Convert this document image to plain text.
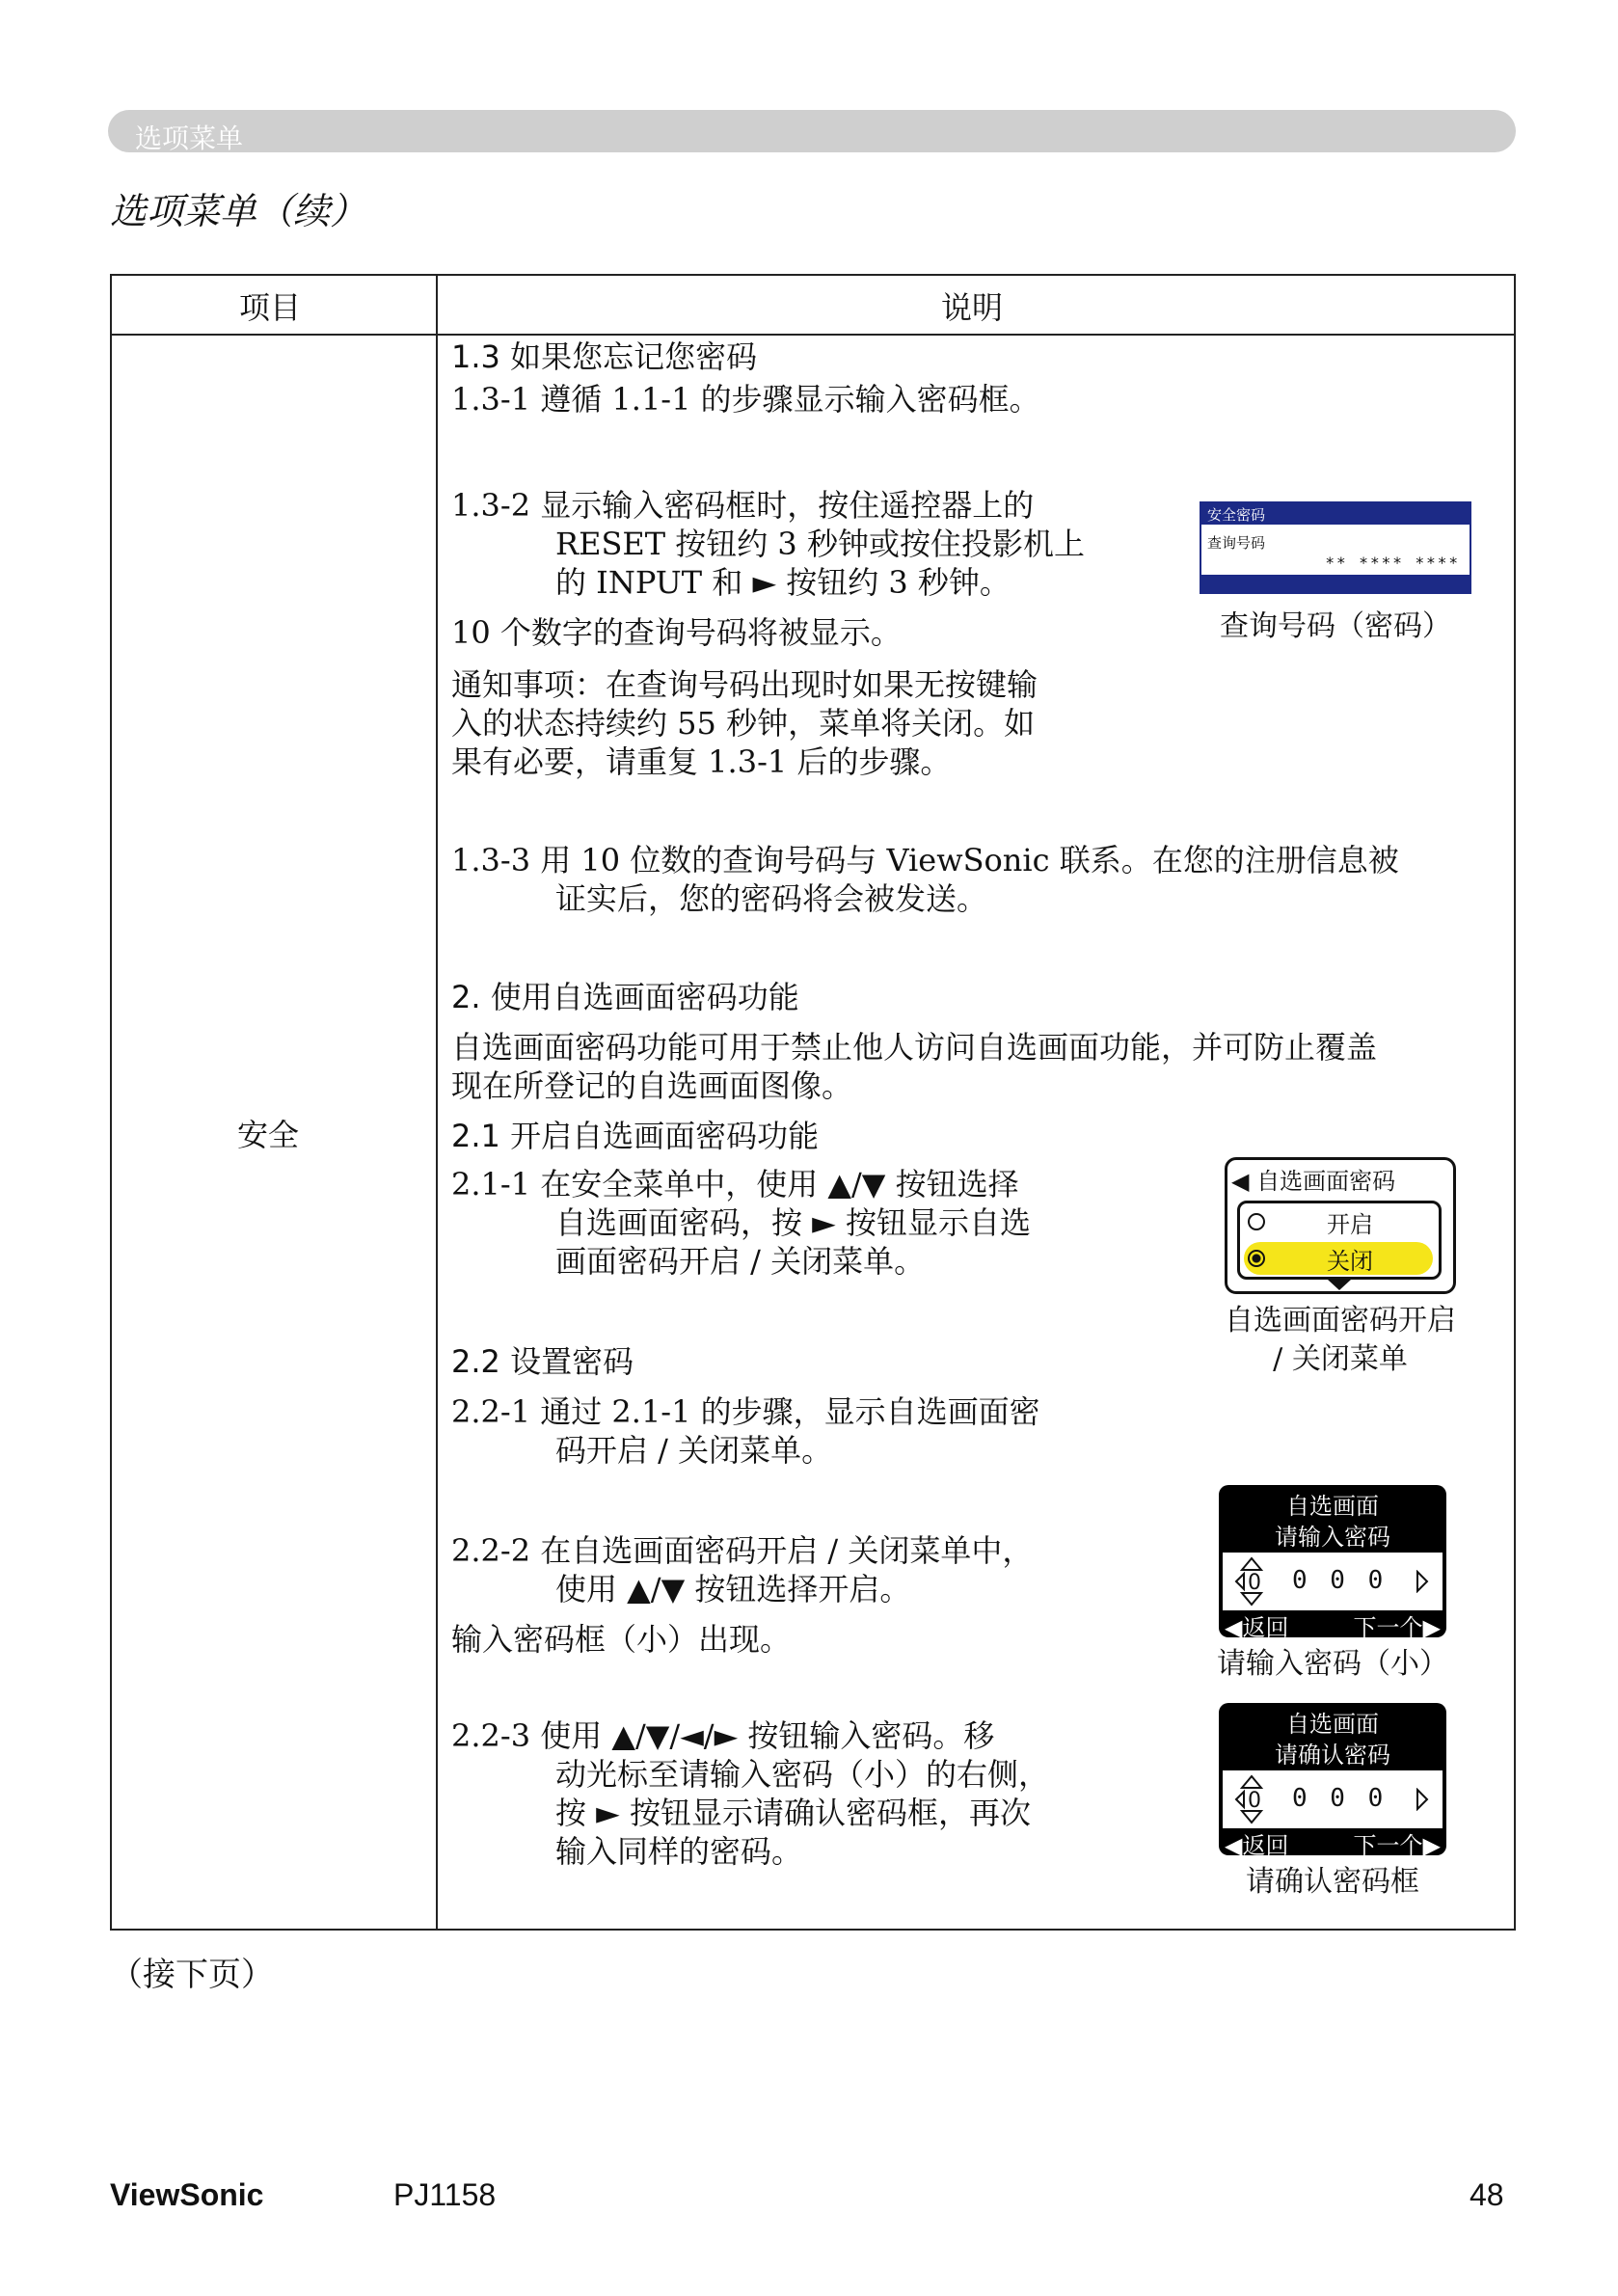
选项菜单
选项菜单（续）
项目	说明
安全
1.3 如果您忘记您密码
1.3-1 遵循 1.1-1 的步骤显示输入密码框。
1.3-2 显示输入密码框时，按住遥控器上的
RESET 按钮约 3 秒钟或按住投影机上
的 INPUT 和 ► 按钮约 3 秒钟。
10 个数字的查询号码将被显示。
通知事项：在查询号码出现时如果无按键输
入的状态持续约 55 秒钟，菜单将关闭。如
果有必要，请重复 1.3-1 后的步骤。
1.3-3 用 10 位数的查询号码与 ViewSonic 联系。在您的注册信息被
证实后，您的密码将会被发送。
2. 使用自选画面密码功能
自选画面密码功能可用于禁止他人访问自选画面功能，并可防止覆盖
现在所登记的自选画面图像。
2.1 开启自选画面密码功能
2.1-1 在安全菜单中，使用 ▲/▼ 按钮选择
自选画面密码，按 ► 按钮显示自选
画面密码开启 / 关闭菜单。
2.2 设置密码
2.2-1 通过 2.1-1 的步骤，显示自选画面密
码开启 / 关闭菜单。
2.2-2 在自选画面密码开启 / 关闭菜单中，
使用 ▲/▼ 按钮选择开启。
输入密码框（小）出现。
2.2-3 使用 ▲/▼/◄/► 按钮输入密码。移
动光标至请输入密码（小）的右侧，
按 ► 按钮显示请确认密码框，再次
输入同样的密码。
安全密码
查询号码
** **** ****
查询号码（密码）
◀ 自选画面密码
开启
关闭
自选画面密码开启
/ 关闭菜单
自选画面
请输入密码
0 0 0 0
◀返回	下一个▶
请输入密码（小）
自选画面
请确认密码
0 0 0 0
◀返回	下一个▶
请确认密码框
（接下页）
ViewSonic	PJ1158	48
